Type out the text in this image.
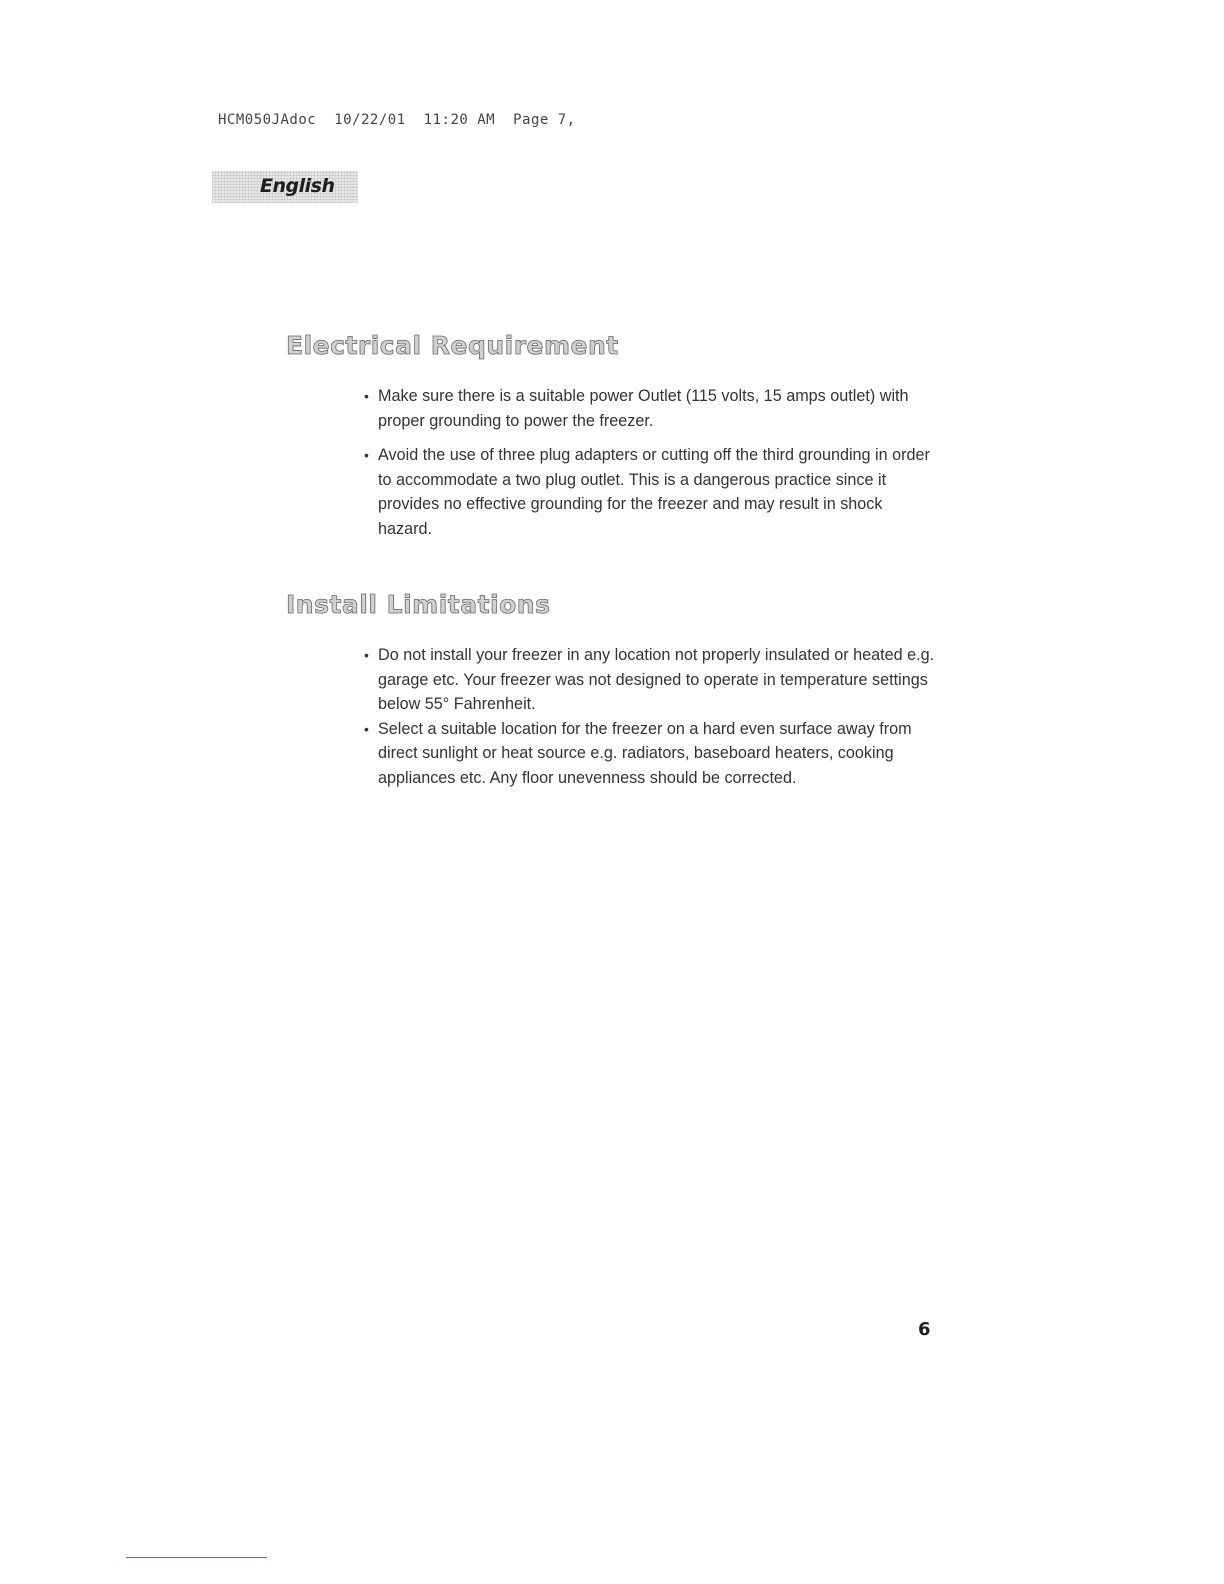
HCM050JAdoc 10/22/01 11:20 AM Page 7,
English
Electrical Requirement
• Make sure there is a suitable power Outlet (115 volts, 15 amps outlet) with proper grounding to power the freezer.
• Avoid the use of three plug adapters or cutting off the third grounding in order to accommodate a two plug outlet. This is a dangerous practice since it provides no effective grounding for the freezer and may result in shock hazard.
Install Limitations
• Do not install your freezer in any location not properly insulated or heated e.g. garage etc. Your freezer was not designed to operate in temperature settings below 55° Fahrenheit.
• Select a suitable location for the freezer on a hard even surface away from direct sunlight or heat source e.g. radiators, baseboard heaters, cooking appliances etc. Any floor unevenness should be corrected.
6
